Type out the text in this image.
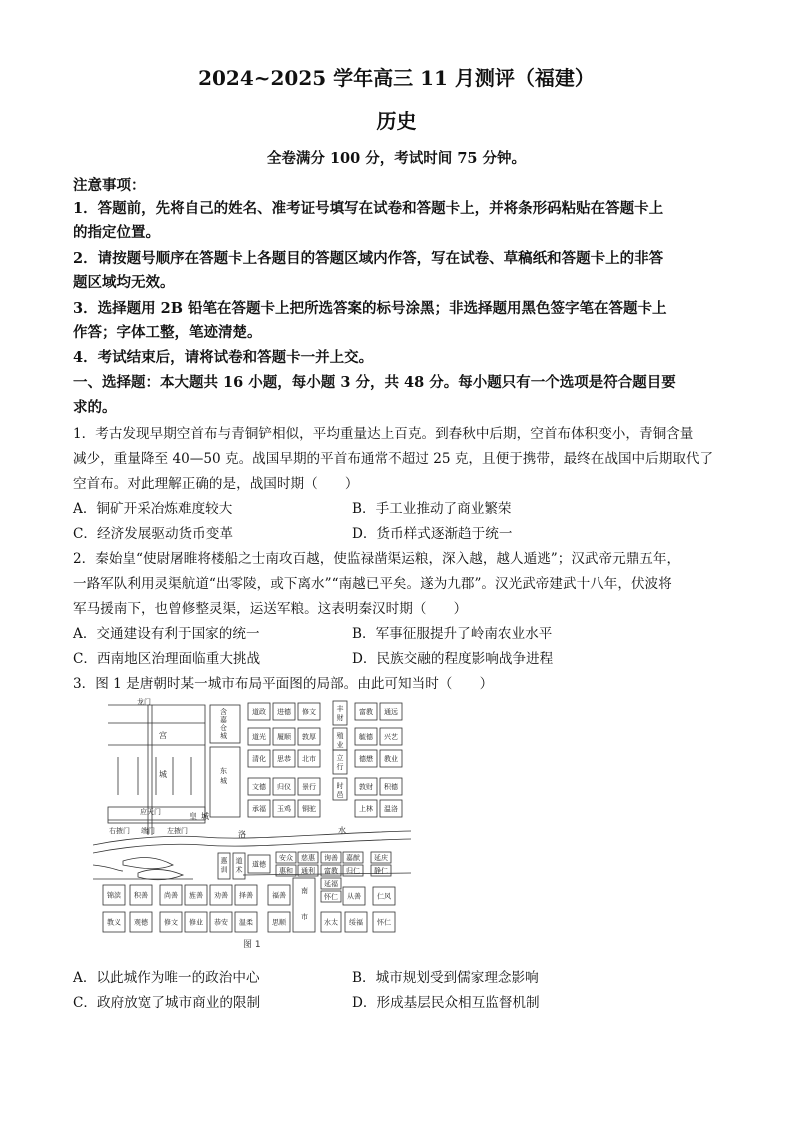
2024~2025 学年高三 11 月测评（福建）
历史
全卷满分 100 分，考试时间 75 分钟。
注意事项：
1．答题前，先将自己的姓名、准考证号填写在试卷和答题卡上，并将条形码粘贴在答题卡上
的指定位置。
2．请按题号顺序在答题卡上各题目的答题区域内作答，写在试卷、草稿纸和答题卡上的非答
题区域均无效。
3．选择题用 2B 铅笔在答题卡上把所选答案的标号涂黑；非选择题用黑色签字笔在答题卡上
作答；字体工整，笔迹清楚。
4．考试结束后，请将试卷和答题卡一并上交。
一、选择题：本大题共 16 小题，每小题 3 分，共 48 分。每小题只有一个选项是符合题目要
求的。
1．考古发现早期空首布与青铜铲相似，平均重量达上百克。到春秋中后期，空首布体积变小，青铜含量
减少，重量降至 40—50 克。战国早期的平首布通常不超过 25 克，且便于携带，最终在战国中后期取代了
空首布。对此理解正确的是，战国时期（　　）
A．铜矿开采冶炼难度较大	B．手工业推动了商业繁荣
C．经济发展驱动货币变革	D．货币样式逐渐趋于统一
2．秦始皇“使尉屠睢将楼船之士南攻百越，使监禄凿渠运粮，深入越，越人遁逃”；汉武帝元鼎五年，
一路军队利用灵渠航道“出零陵，或下离水”“南越已平矣。遂为九郡”。汉光武帝建武十八年，伏波将
军马援南下，也曾修整灵渠，运送军粮。这表明秦汉时期（　　）
A．交通建设有利于国家的统一	B．军事征服提升了岭南农业水平
C．西南地区治理面临重大挑战	D．民族交融的程度影响战争进程
3．图 1 是唐朝时某一城市布局平面图的局部。由此可知当时（　　）
道政 进德 修文
道光 履顺 敦厚
清化 思恭 北市
文德 归仪 景行
承福 玉鸡 铜驼
丰
财
殖
业
立
行
时
邑
富教 通远
毓德 兴艺
德懋 教业
敦财 积德
上林 温洛
惠
训
道
术
道德
安众 慈惠 询善 嘉猷 延庆
惠和 通利 富教 归仁 静仁
延福
怀仁
锦滨 积善 尚善 旌善 劝善 择善	福善	从善 仁风
教义 观德 修文 修业 恭安 温柔	思顺	水太 绥福 怀仁
图 1
龙门
应天门
右掖门 端门 左掖门
宫
城
皇 城
含
嘉
仓
城
东
城
洛	水
南
市
A．以此城作为唯一的政治中心	B．城市规划受到儒家理念影响
C．政府放宽了城市商业的限制	D．形成基层民众相互监督机制
